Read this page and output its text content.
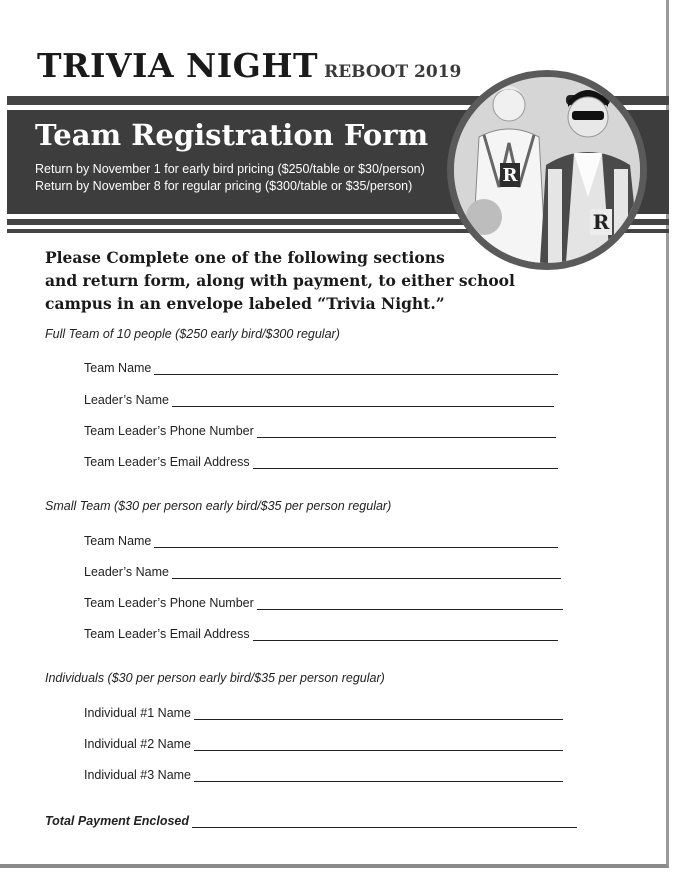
TRIVIA NIGHT REBOOT 2019
Team Registration Form
Return by November 1 for early bird pricing ($250/table or $30/person)
Return by November 8 for regular pricing ($300/table or $35/person)	R
R
Please Complete one of the following sections
and return form, along with payment, to either school
campus in an envelope labeled “Trivia Night.”
Full Team of 10 people ($250 early bird/$300 regular)
Team Name
Leader’s Name
Team Leader’s Phone Number
Team Leader’s Email Address
Small Team ($30 per person early bird/$35 per person regular)
Team Name
Leader’s Name
Team Leader’s Phone Number
Team Leader’s Email Address
Individuals ($30 per person early bird/$35 per person regular)
Individual #1 Name
Individual #2 Name
Individual #3 Name
Total Payment Enclosed
